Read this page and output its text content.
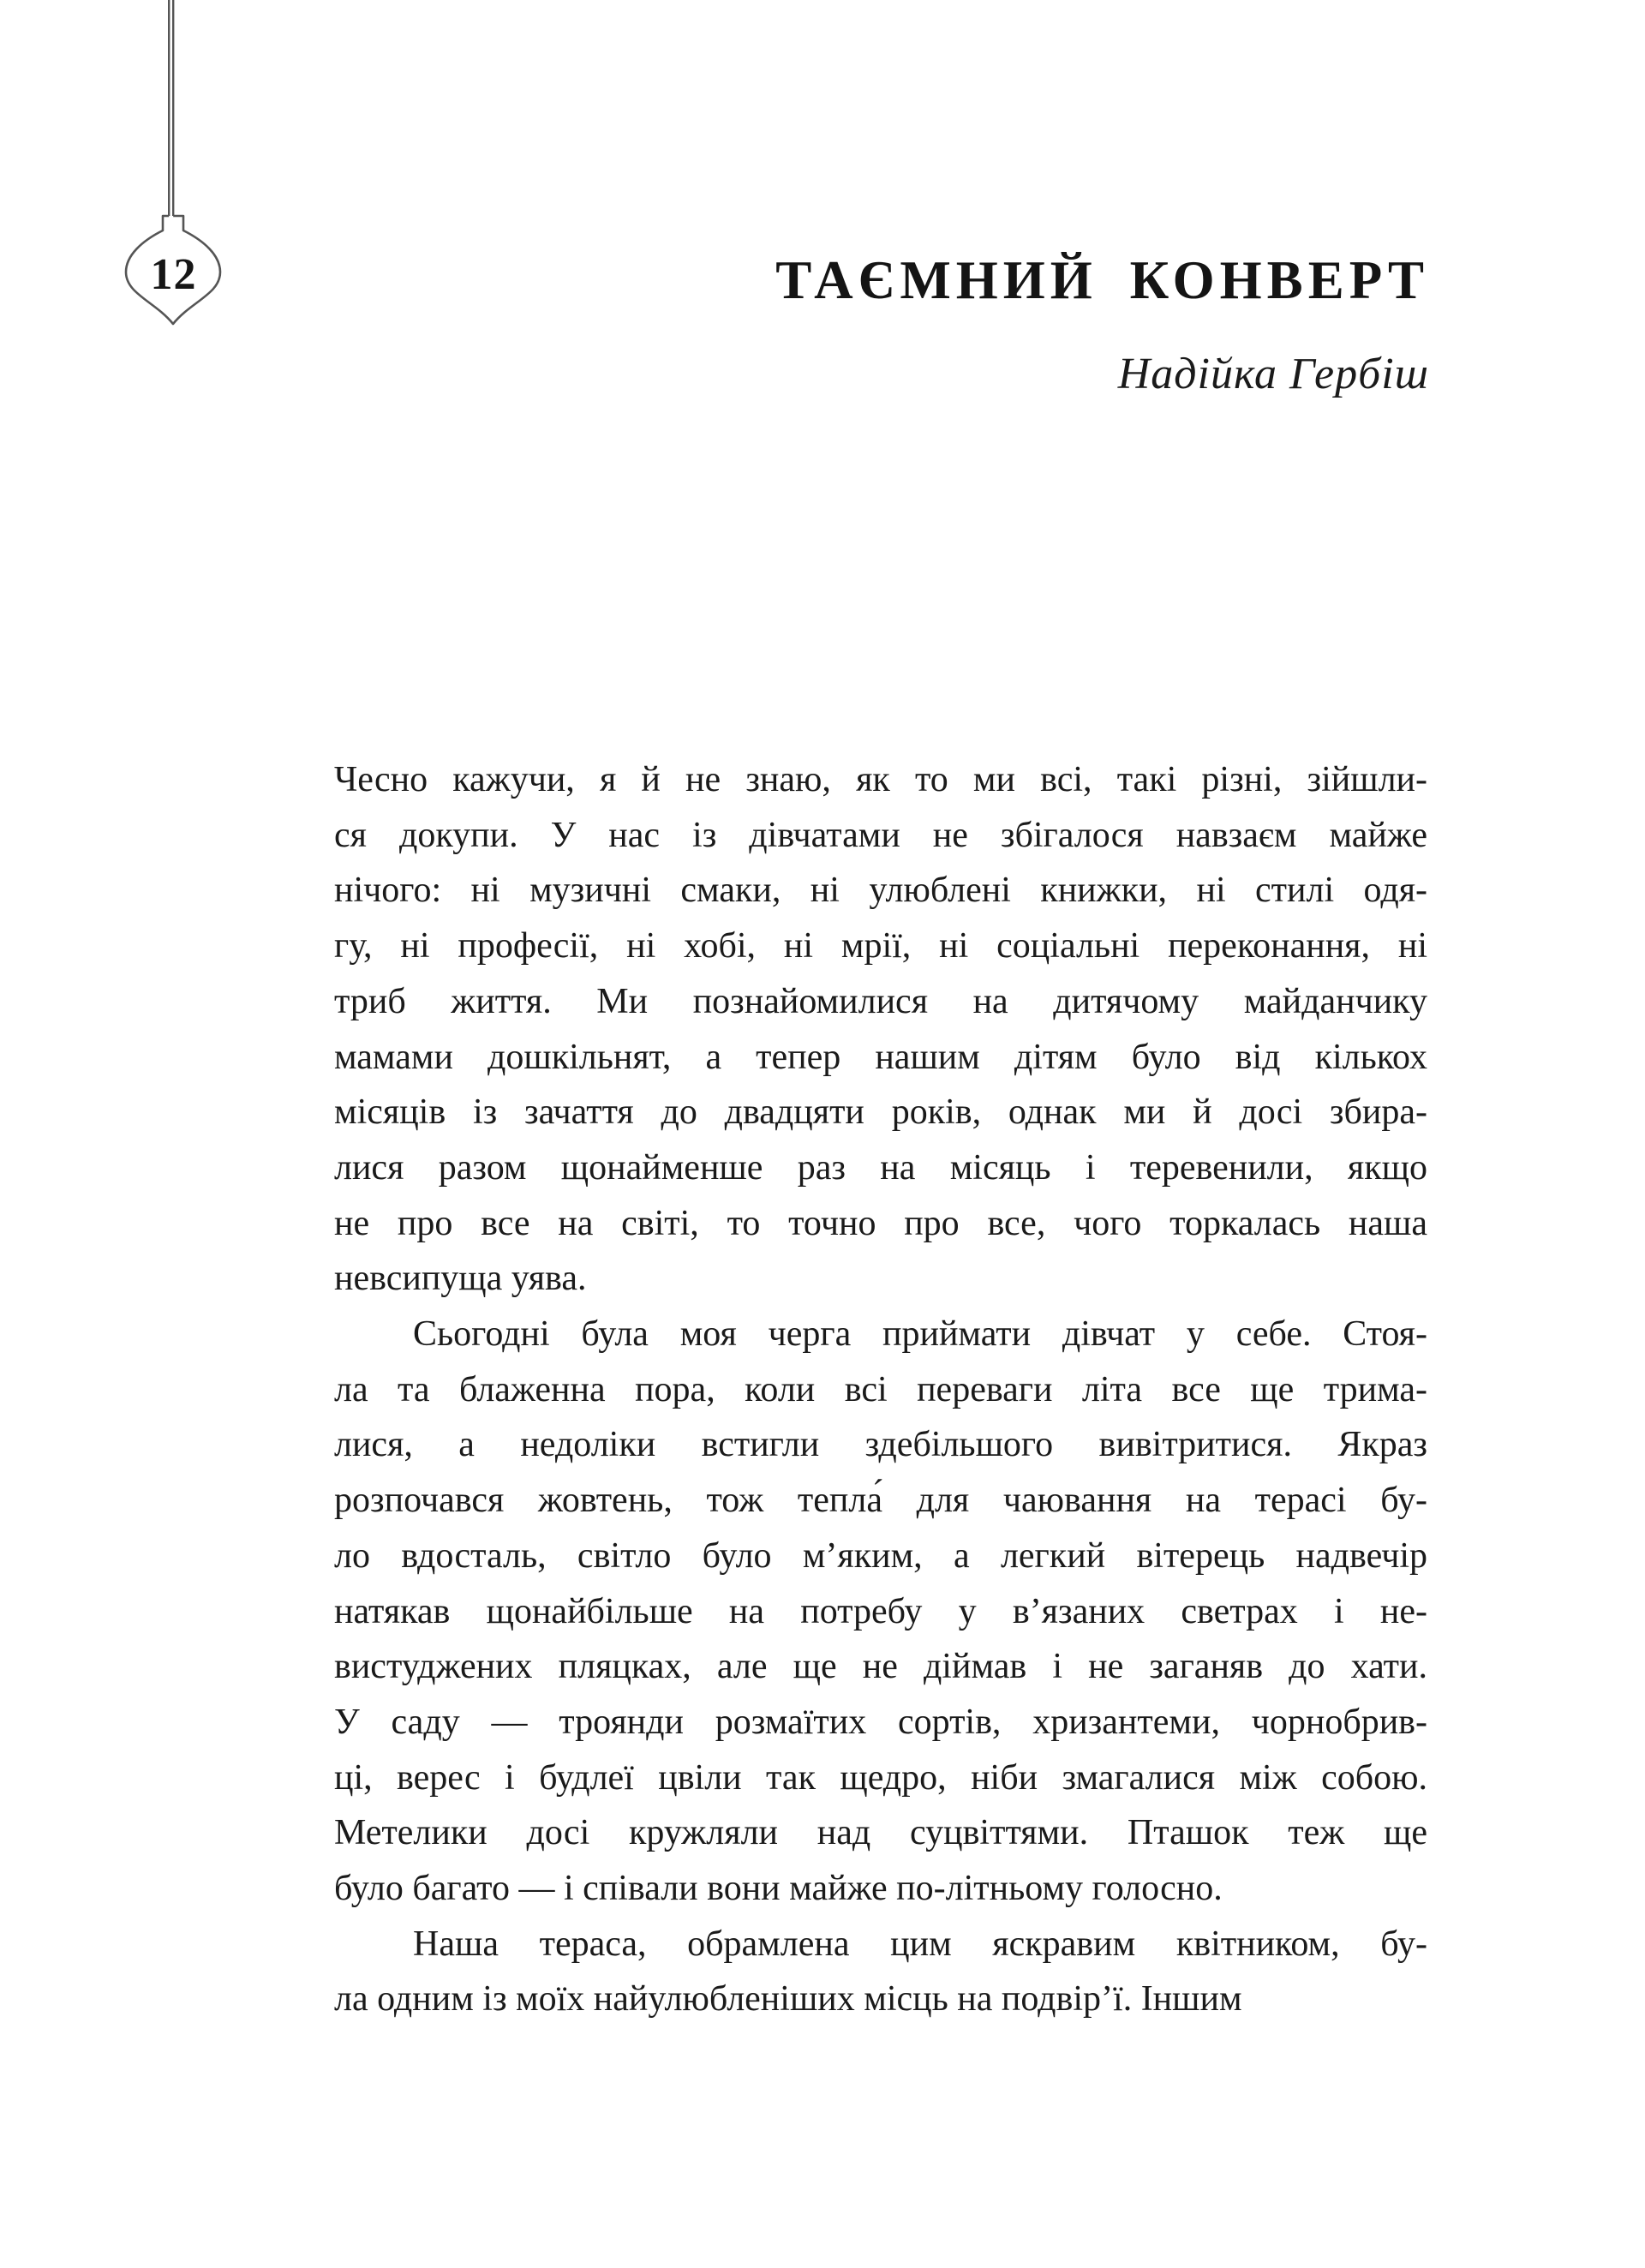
12	ТАЄМНИЙ КОНВЕРТ
Надійка Гербіш
Чесно кажучи, я й не знаю, як то ми всі, такі різні, зійшли-
ся докупи. У нас із дівчатами не збігалося навзаєм майже
нічого: ні музичні смаки, ні улюблені книжки, ні стилі одя-
гу, ні професії, ні хобі, ні мрії, ні соціальні переконання, ні
триб життя. Ми познайомилися на дитячому майданчику
мамами дошкільнят, а тепер нашим дітям було від кількох
місяців із зачаття до двадцяти років, однак ми й досі збира-
лися разом щонайменше раз на місяць і теревенили, якщо
не про все на світі, то точно про все, чого торкалась наша
невсипуща уява.
Сьогодні була моя черга приймати дівчат у себе. Стоя-
ла та блаженна пора, коли всі переваги літа все ще трима-
лися, а недоліки встигли здебільшого вивітритися. Якраз
розпочався жовтень, тож тепла́ для чаювання на терасі бу-
ло вдосталь, світло було м’яким, а легкий вітерець надвечір
натякав щонайбільше на потребу у в’язаних светрах і не-
вистуджених пляцках, але ще не діймав і не заганяв до хати.
У саду — троянди розмаїтих сортів, хризантеми, чорнобрив-
ці, верес і будлеї цвіли так щедро, ніби змагалися між собою.
Метелики досі кружляли над суцвіттями. Пташок теж ще
було багато — і співали вони майже по-літньому голосно.
Наша тераса, обрамлена цим яскравим квітником, бу-
ла одним із моїх найулюбленіших місць на подвір’ї. Іншим
